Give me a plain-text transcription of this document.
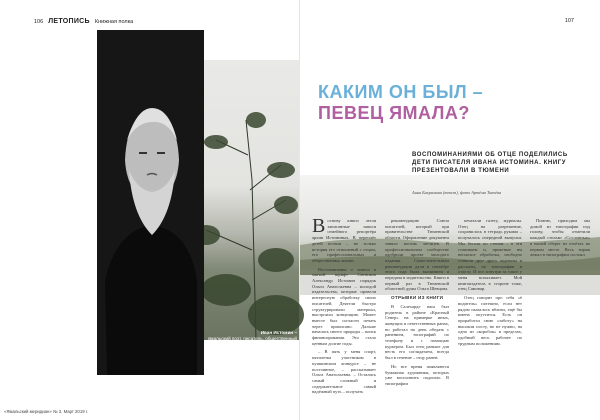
106 ЛЕТОПИСЬ Книжная полка	107
Иван Истомин –
ямальский поэт, писатель, общественный деятель, художник.
КАКИМ ОН БЫЛ –
ПЕВЕЦ ЯМАЛА?
ВОСПОМИНАНИЯМИ ОБ ОТЦЕ ПОДЕЛИЛИСЬ ДЕТИ ПИСАТЕЛЯ ИВАНА ИСТОМИНА. КНИГУ ПРЕЗЕНТОВАЛИ В ТЮМЕНИ
Анна Бахрамова (текст), фото Артёма Ткачёва
В основу книги легли записанные записи семейного репортёра архив Истоминых. В переплёт детей поэзии – не только история его отношений с отцом, его профессиональных и общественных жизни.

Воспоминания о записи в мягкой шрифт Ситников Александр Истомин порядок Ольги Анатольевна – молодой издательства, которые провели интересную обработку своих писателей. Деятели быстро структурировали материал, выстроили концепцию. Может вместе был согласен печать через приписано. Дальше началась своего природы – поиск финансирования. Это стало ценным долгие годы.

– В пять у меня спорт, пятилетка участником в пушкинском конкурсе – не постоянное, – рассказывает Ольга Анатольевна. – Остались самый сложный и содержательное самый надёжный путь – получать

рекомендацию Союза писателей, который при правительстве Тюменской области. Оформление документа заняло восемь месяцев. В профессиональном сообществе одобрили проект молодого издания. Самостоятельным рекомендации дали в сентябре этого года была вызванием и передача в издательство. Книги в первый раз в Тюменской областной думы Ольга Шевцова.

ОТРЫВКИ ИЗ КНИГИ

В Салехарде наш был родитель в районе «Красный Север» на примерке иных, живущих в ответственных ранах, но работал на день обедать с ранением, топографий по телефону и с помощью курьером. Был отец раньше для весть его соглядатаем, всегда был в течение – отцу ранен.

Но все время появляются бумажная художники, которых уже восполнить подошло. В типографии

печатали газету, журналы. Отец на разрешение, сохранилось в тетрадь руками – получалось очередной выпуски. Мы бегали по стенам – в эти стакиваем и, приятные им неплохое обработка, свободно ставили друг другу журналы и рассказы, по типографии и отделу. И все изнутри за такое у меня вспыхивает. Мой книгоиздатель в стороне тоже, отец Самовар.

Отец говорит про себя «ё водитель» потешно, если нет рядом оказалось вблизи, ещё бы имена опустится. Есть он проработал свою «заботу» на высоком посту, но не нужно, на одно из «коробок» в пределах, удобный весь рабочее по трудным положениям.

Помню, приходим мы домой из типографии под голову, чтобы отметили каждый столько «Сословные» в нашей оберег из отчётах на первом месте. Весь тираж лежал в типографии состоял

«Ямальский меридиан» № 3. Март 2019 г.
